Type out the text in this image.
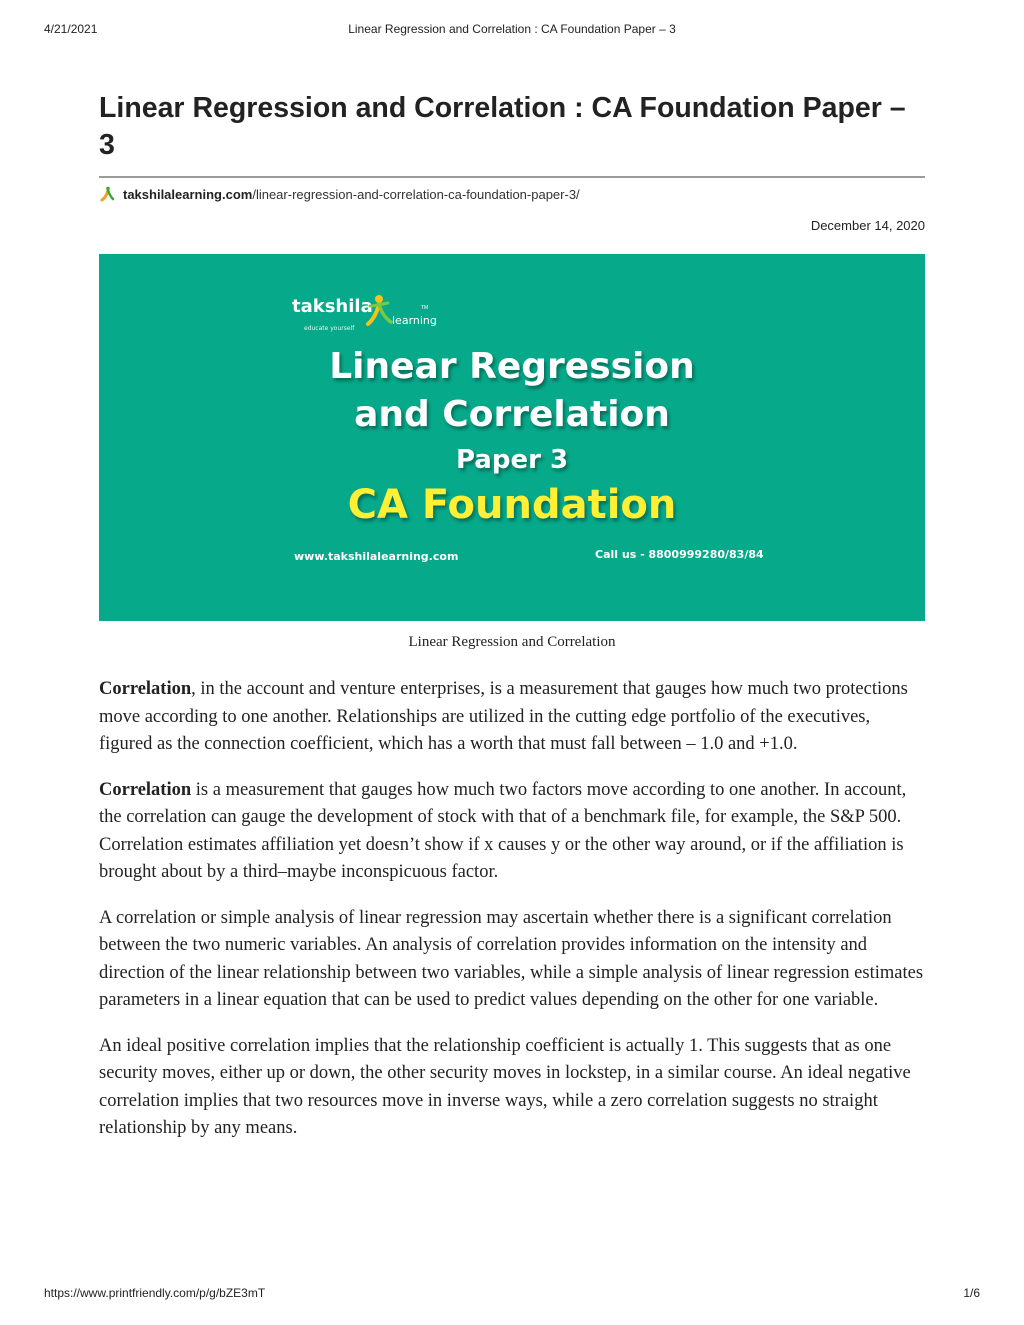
4/21/2021	Linear Regression and Correlation : CA Foundation Paper – 3
Linear Regression and Correlation : CA Foundation Paper – 3
takshilalearning.com /linear-regression-and-correlation-ca-foundation-paper-3/
December 14, 2020
takshila
learning
TM
educate yourself
Linear Regression
and Correlation
Paper 3
CA Foundation
www.takshilalearning.com	Call us - 8800999280/83/84
Linear Regression and Correlation

Correlation, in the account and venture enterprises, is a measurement that gauges how much two protections move according to one another. Relationships are utilized in the cutting edge portfolio of the executives, figured as the connection coefficient, which has a worth that must fall between – 1.0 and +1.0.

Correlation is a measurement that gauges how much two factors move according to one another. In account, the correlation can gauge the development of stock with that of a benchmark file, for example, the S&P 500. Correlation estimates affiliation yet doesn’t show if x causes y or the other way around, or if the affiliation is brought about by a third–maybe inconspicuous factor.

A correlation or simple analysis of linear regression may ascertain whether there is a significant correlation between the two numeric variables. An analysis of correlation provides information on the intensity and direction of the linear relationship between two variables, while a simple analysis of linear regression estimates parameters in a linear equation that can be used to predict values depending on the other for one variable.

An ideal positive correlation implies that the relationship coefficient is actually 1. This suggests that as one security moves, either up or down, the other security moves in lockstep, in a similar course. An ideal negative correlation implies that two resources move in inverse ways, while a zero correlation suggests no straight relationship by any means.

https://www.printfriendly.com/p/g/bZE3mT	1/6
